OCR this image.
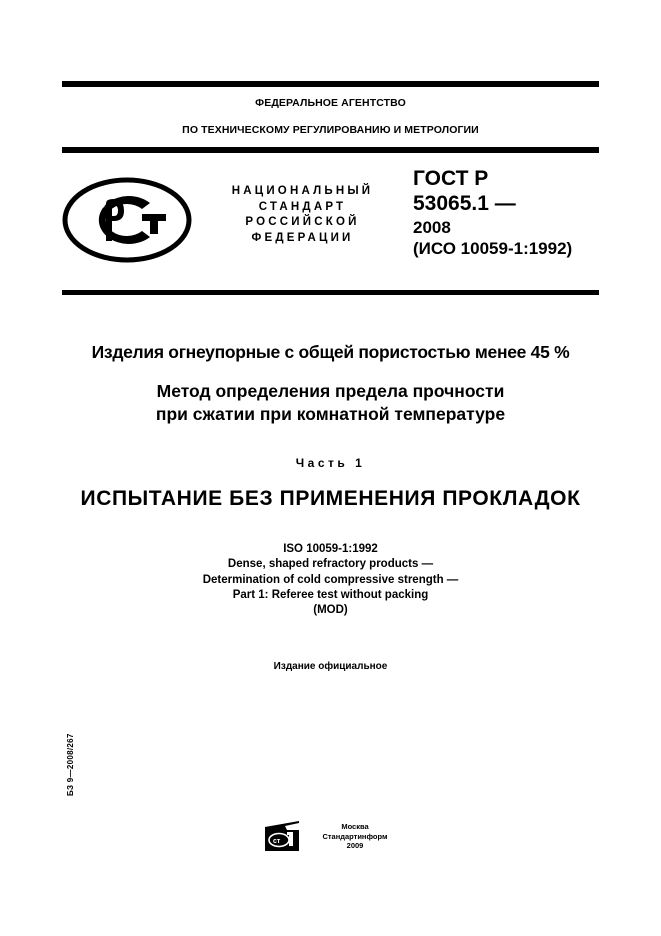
ФЕДЕРАЛЬНОЕ АГЕНТСТВО
ПО ТЕХНИЧЕСКОМУ РЕГУЛИРОВАНИЮ И МЕТРОЛОГИИ
НАЦИОНАЛЬНЫЙ
СТАНДАРТ
РОССИЙСКОЙ
ФЕДЕРАЦИИ
ГОСТ Р
53065.1 —
2008
(ИСО 10059-1:1992)
Изделия огнеупорные с общей пористостью менее 45 %
Метод определения предела прочности
при сжатии при комнатной температуре
Часть 1
ИСПЫТАНИЕ БЕЗ ПРИМЕНЕНИЯ ПРОКЛАДОК
ISO 10059-1:1992
Dense, shaped refractory products —
Determination of cold compressive strength —
Part 1: Referee test without packing
(MOD)
Издание официальное
БЗ 9—2008/267
ст
Москва
Стандартинформ
2009
